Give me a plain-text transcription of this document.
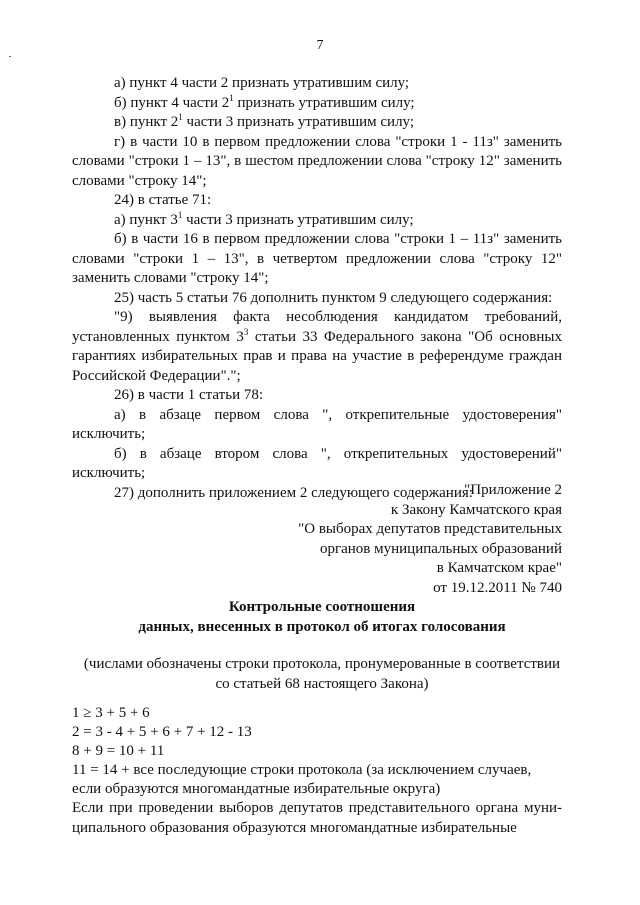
7

а) пункт 4 части 2 признать утратившим силу;

б) пункт 4 части $2^1$ признать утратившим силу;

в) пункт $2^1$ части 3 признать утратившим силу;

г) в части 10 в первом предложении слова "строки 1 - 11з" заменить словами "строки 1 – 13", в шестом предложении слова "строку 12" заменить словами "строку 14";

24) в статье 71:

а) пункт $3^1$ части 3 признать утратившим силу;

б) в части 16 в первом предложении слова "строки 1 – 11з" заменить словами "строки 1 – 13", в четвертом предложении слова "строку 12" заменить словами "строку 14";

25) часть 5 статьи 76 дополнить пунктом 9 следующего содержания:

"9) выявления факта несоблюдения кандидатом требований, установленных пунктом $3^3$ статьи 33 Федерального закона "Об основных гарантиях избирательных прав и права на участие в референдуме граждан Российской Федерации".";

26) в части 1 статьи 78:

а) в абзаце первом слова ", открепительные удостоверения" исключить;

б) в абзаце втором слова ", открепительных удостоверений" исключить;

27) дополнить приложением 2 следующего содержания:

"Приложение 2
к Закону Камчатского края
"О выборах депутатов представительных
органов муниципальных образований
в Камчатском крае"
от 19.12.2011 № 740
Контрольные соотношения
данных, внесенных в протокол об итогах голосования
(числами обозначены строки протокола, пронумерованные в соответствии
со статьей 68 настоящего Закона)
1 ≥ 3 + 5 + 6
2 = 3 - 4 + 5 + 6 + 7 + 12 - 13
8 + 9 = 10 + 11
11 = 14 + все последующие строки протокола (за исключением случаев,
если образуются многомандатные избирательные округа)

Если при проведении выборов депутатов представительного органа муни- ципального образования образуются многомандатные избирательные
